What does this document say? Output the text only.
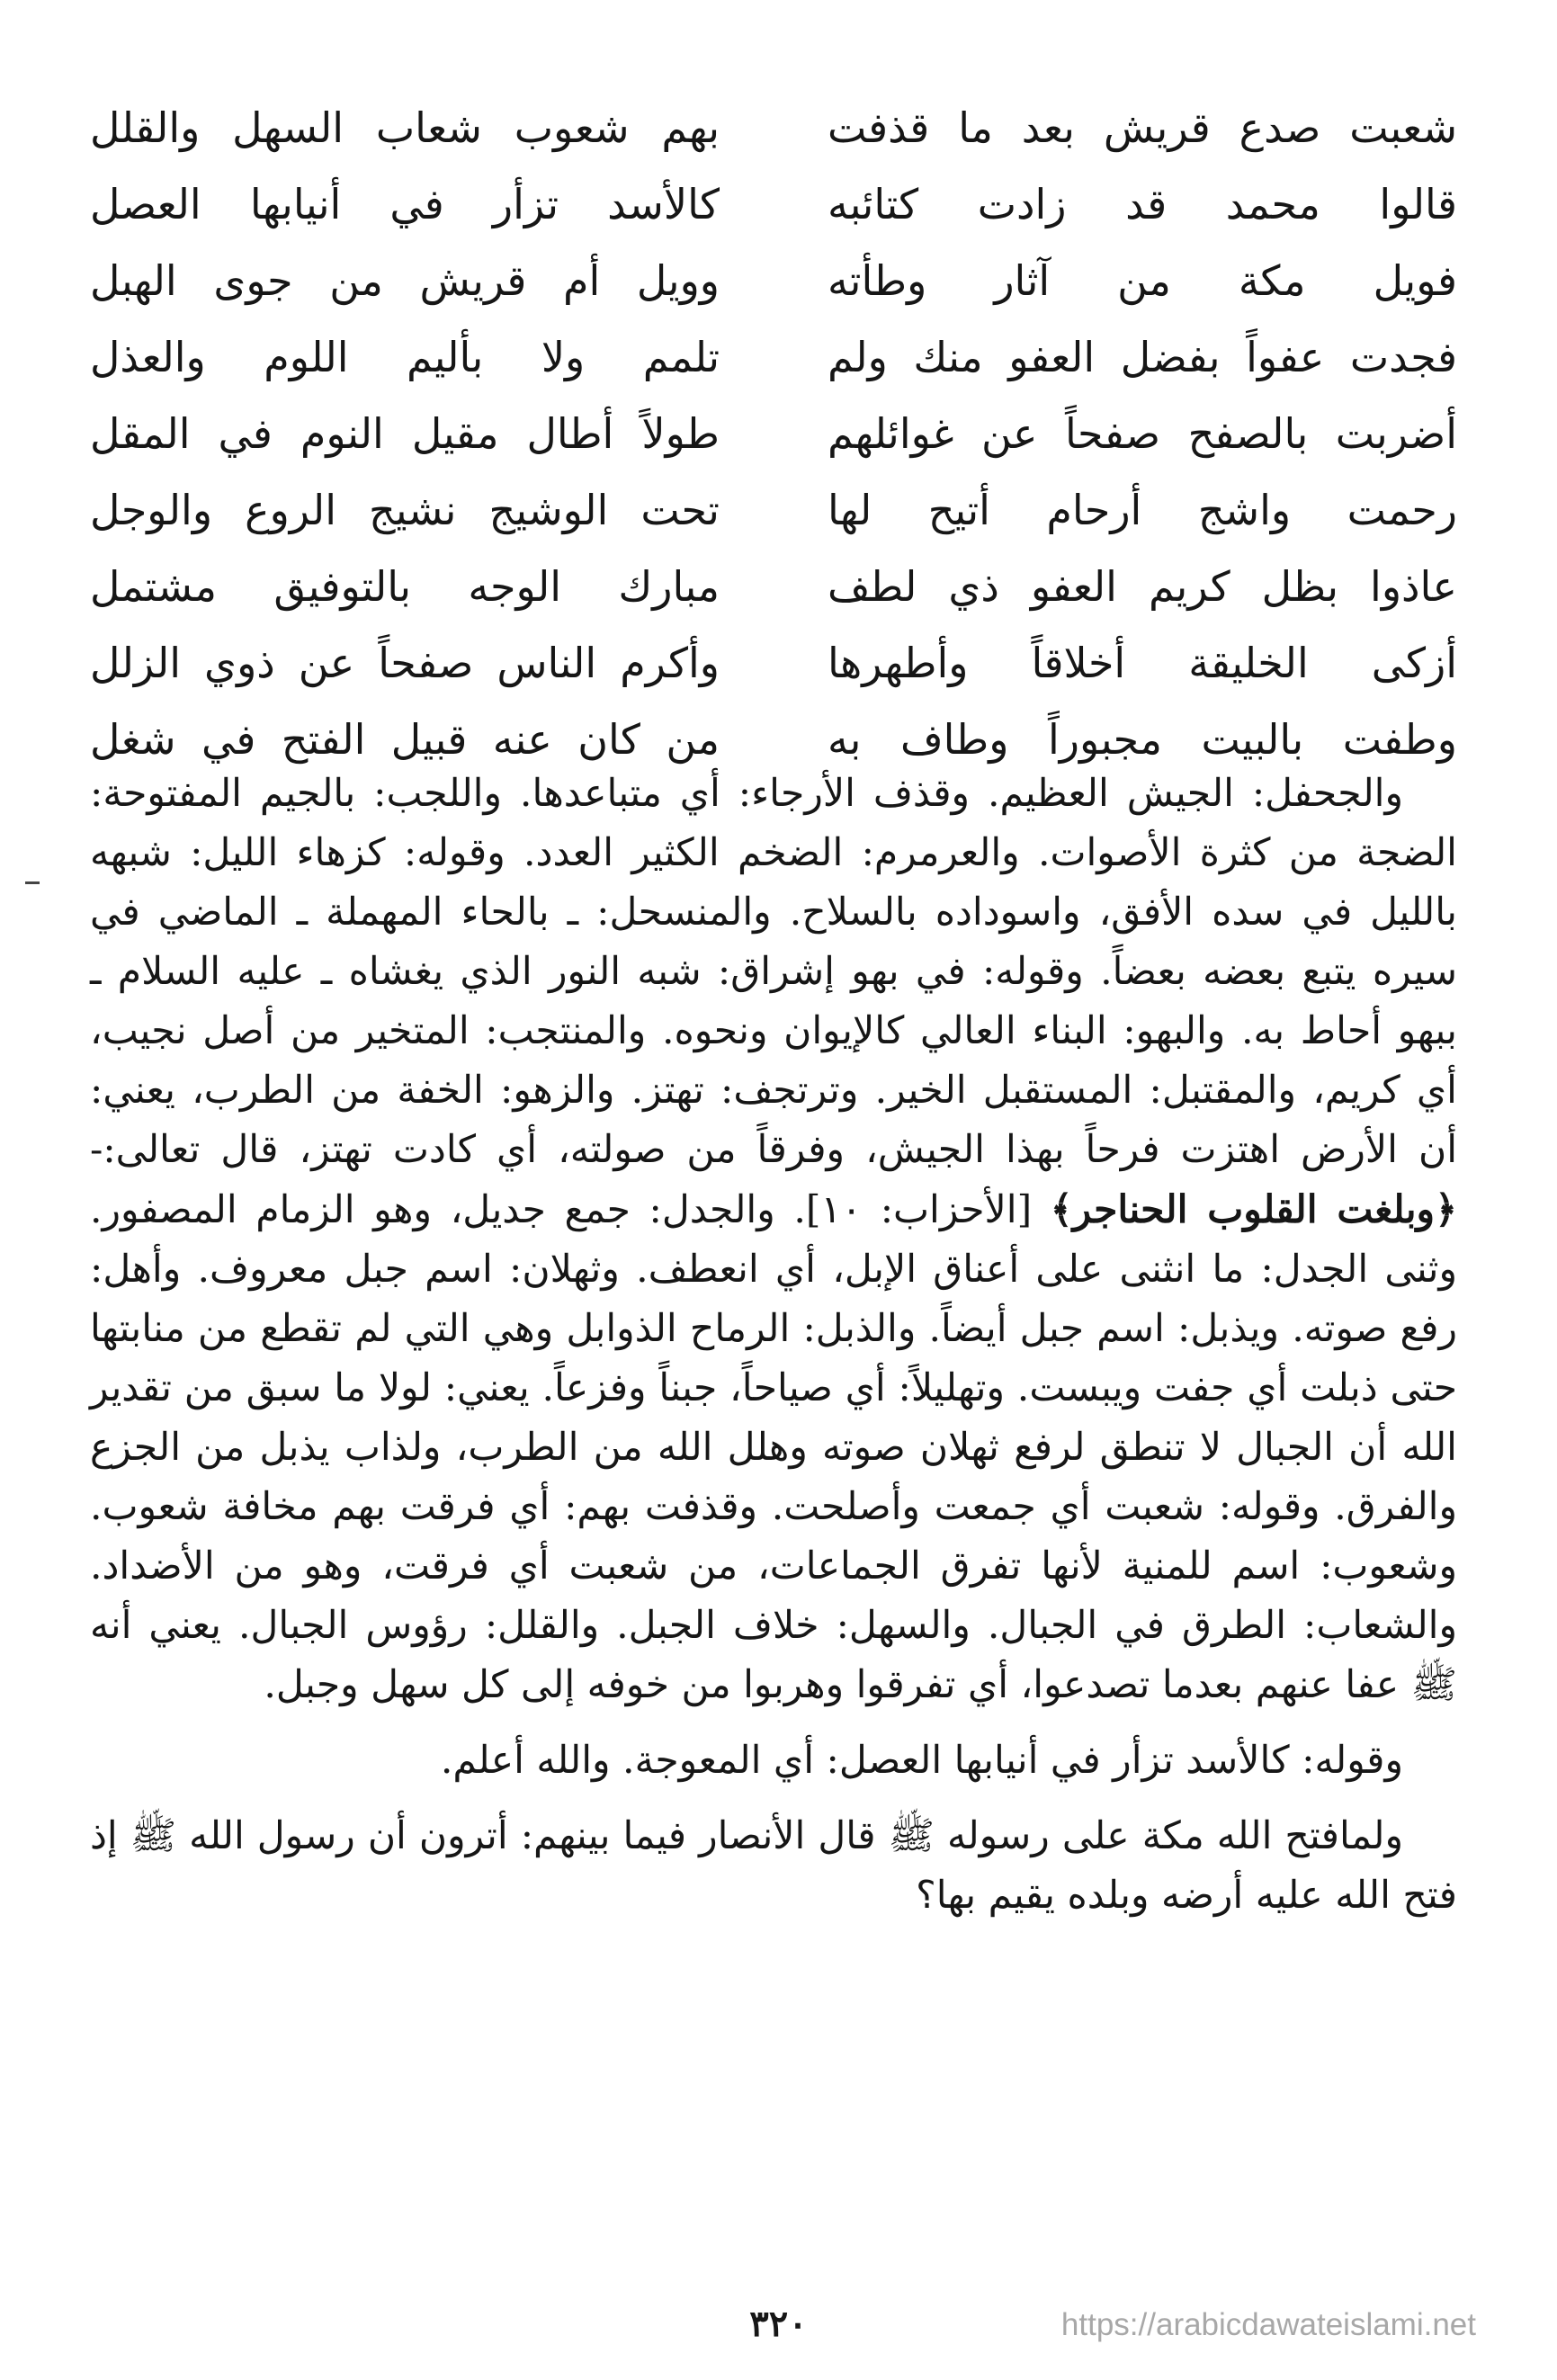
شعبت صدع قريش بعد ما قذفت
بهم شعوب شعاب السهل والقلل
قالوا محمد قد زادت كتائبه
كالأسد تزأر في أنيابها العصل
فويل مكة من آثار وطأته
وويل أم قريش من جوى الهبل
فجدت عفواً بفضل العفو منك ولم
تلمم ولا بأليم اللوم والعذل
أضربت بالصفح صفحاً عن غوائلهم
طولاً أطال مقيل النوم في المقل
رحمت واشج أرحام أتيح لها
تحت الوشيج نشيج الروع والوجل
عاذوا بظل كريم العفو ذي لطف
مبارك الوجه بالتوفيق مشتمل
أزكى الخليقة أخلاقاً وأطهرها
وأكرم الناس صفحاً عن ذوي الزلل
وطفت بالبيت مجبوراً وطاف به
من كان عنه قبيل الفتح في شغل

والجحفل: الجيش العظيم. وقذف الأرجاء: أي متباعدها. واللجب: بالجيم المفتوحة: الضجة من كثرة الأصوات. والعرمرم: الضخم الكثير العدد. وقوله: كزهاء الليل: شبهه بالليل في سده الأفق، واسوداده بالسلاح. والمنسحل: ـ بالحاء المهملة ـ الماضي في سيره يتبع بعضه بعضاً. وقوله: في بهو إشراق: شبه النور الذي يغشاه ـ عليه السلام ـ ببهو أحاط به. والبهو: البناء العالي كالإيوان ونحوه. والمنتجب: المتخير من أصل نجيب، أي كريم، والمقتبل: المستقبل الخير. وترتجف: تهتز. والزهو: الخفة من الطرب، يعني: أن الأرض اهتزت فرحاً بهذا الجيش، وفرقاً من صولته، أي كادت تهتز، قال تعالى:- ﴿وبلغت القلوب الحناجر﴾ [الأحزاب: ١٠]. والجدل: جمع جديل، وهو الزمام المصفور. وثنى الجدل: ما انثنى على أعناق الإبل، أي انعطف. وثهلان: اسم جبل معروف. وأهل: رفع صوته. ويذبل: اسم جبل أيضاً. والذبل: الرماح الذوابل وهي التي لم تقطع من منابتها حتى ذبلت أي جفت ويبست. وتهليلاً: أي صياحاً، جبناً وفزعاً. يعني: لولا ما سبق من تقدير الله أن الجبال لا تنطق لرفع ثهلان صوته وهلل الله من الطرب، ولذاب يذبل من الجزع والفرق. وقوله: شعبت أي جمعت وأصلحت. وقذفت بهم: أي فرقت بهم مخافة شعوب. وشعوب: اسم للمنية لأنها تفرق الجماعات، من شعبت أي فرقت، وهو من الأضداد. والشعاب: الطرق في الجبال. والسهل: خلاف الجبل. والقلل: رؤوس الجبال. يعني أنه ﷺ عفا عنهم بعدما تصدعوا، أي تفرقوا وهربوا من خوفه إلى كل سهل وجبل.

وقوله: كالأسد تزأر في أنيابها العصل: أي المعوجة. والله أعلم.

ولمافتح الله مكة على رسوله ﷺ قال الأنصار فيما بينهم: أترون أن رسول الله ﷺ إذ فتح الله عليه أرضه وبلده يقيم بها؟

٣٢٠	https://arabicdawateislami.net
